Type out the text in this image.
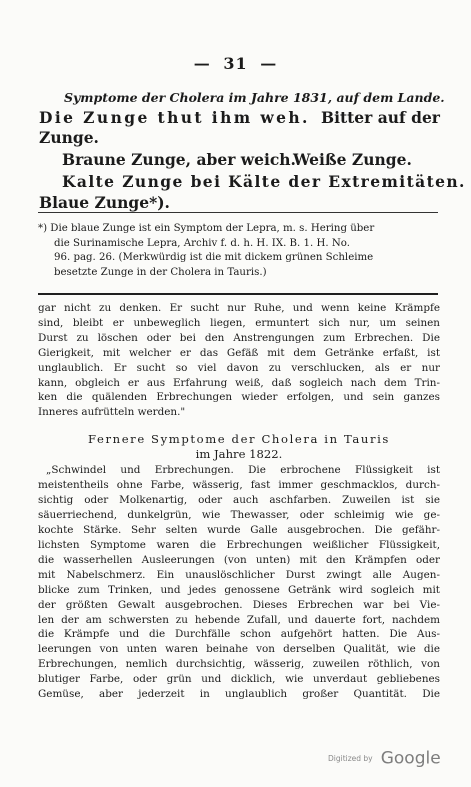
— 31 —
Symptome der Cholera im Jahre 1831, auf dem Lande.
Die Zunge thut ihm weh. Bitter auf der
Zunge.
Braune Zunge, aber weich.
Weiße Zunge.
Kalte Zunge bei Kälte der Extremitäten.
Blaue Zunge*).
*) Die blaue Zunge ist ein Symptom der Lepra, m. s. Hering über
die Surinamische Lepra, Archiv f. d. h. H. IX. B. 1. H. No.
96. pag. 26. (Merkwürdig ist die mit dickem grünen Schleime
besetzte Zunge in der Cholera in Tauris.)
gar nicht zu denken. Er sucht nur Ruhe, und wenn keine Krämpfe
sind, bleibt er unbeweglich liegen, ermuntert sich nur, um seinen
Durst zu löschen oder bei den Anstrengungen zum Erbrechen. Die
Gierigkeit, mit welcher er das Gefäß mit dem Getränke erfaßt, ist
unglaublich. Er sucht so viel davon zu verschlucken, als er nur
kann, obgleich er aus Erfahrung weiß, daß sogleich nach dem Trin-
ken die quälenden Erbrechungen wieder erfolgen, und sein ganzes
Inneres aufrütteln werden."
Fernere Symptome der Cholera in Tauris
im Jahre 1822.
„Schwindel und Erbrechungen. Die erbrochene Flüssigkeit ist
meistentheils ohne Farbe, wässerig, fast immer geschmacklos, durch-
sichtig oder Molkenartig, oder auch aschfarben. Zuweilen ist sie
säuerriechend, dunkelgrün, wie Thewasser, oder schleimig wie ge-
kochte Stärke. Sehr selten wurde Galle ausgebrochen. Die gefähr-
lichsten Symptome waren die Erbrechungen weißlicher Flüssigkeit,
die wasserhellen Ausleerungen (von unten) mit den Krämpfen oder
mit Nabelschmerz. Ein unauslöschlicher Durst zwingt alle Augen-
blicke zum Trinken, und jedes genossene Getränk wird sogleich mit
der größten Gewalt ausgebrochen. Dieses Erbrechen war bei Vie-
len der am schwersten zu hebende Zufall, und dauerte fort, nachdem
die Krämpfe und die Durchfälle schon aufgehört hatten. Die Aus-
leerungen von unten waren beinahe von derselben Qualität, wie die
Erbrechungen, nemlich durchsichtig, wässerig, zuweilen röthlich, von
blutiger Farbe, oder grün und dicklich, wie unverdaut gebliebenes
Gemüse, aber jederzeit in unglaublich großer Quantität. Die
Digitized by Google
